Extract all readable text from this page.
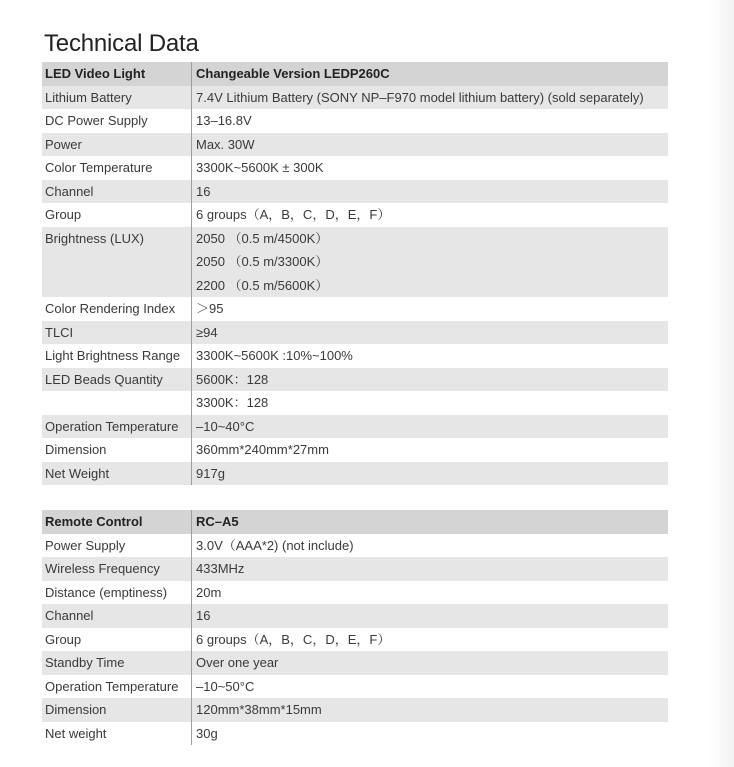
Technical Data
LED Video Light	Changeable Version LEDP260C
Lithium Battery	7.4V Lithium Battery (SONY NP–F970 model lithium battery) (sold separately)
DC Power Supply	13–16.8V
Power	Max. 30W
Color Temperature	3300K~5600K ± 300K
Channel	16
Group	6 groups（A，B，C，D，E，F）
Brightness (LUX)	2050 （0.5 m/4500K）
2050 （0.5 m/3300K）
2200 （0.5 m/5600K）
Color Rendering Index	＞95
TLCI	≥94
Light Brightness Range	3300K~5600K :10%~100%
LED Beads Quantity	5600K：128
3300K：128
Operation Temperature	–10~40°C
Dimension	360mm*240mm*27mm
Net Weight	917g
Remote Control	RC–A5
Power Supply	3.0V（AAA*2) (not include)
Wireless Frequency	433MHz
Distance (emptiness)	20m
Channel	16
Group	6 groups（A，B，C，D，E，F）
Standby Time	Over one year
Operation Temperature	–10~50°C
Dimension	120mm*38mm*15mm
Net weight	30g
